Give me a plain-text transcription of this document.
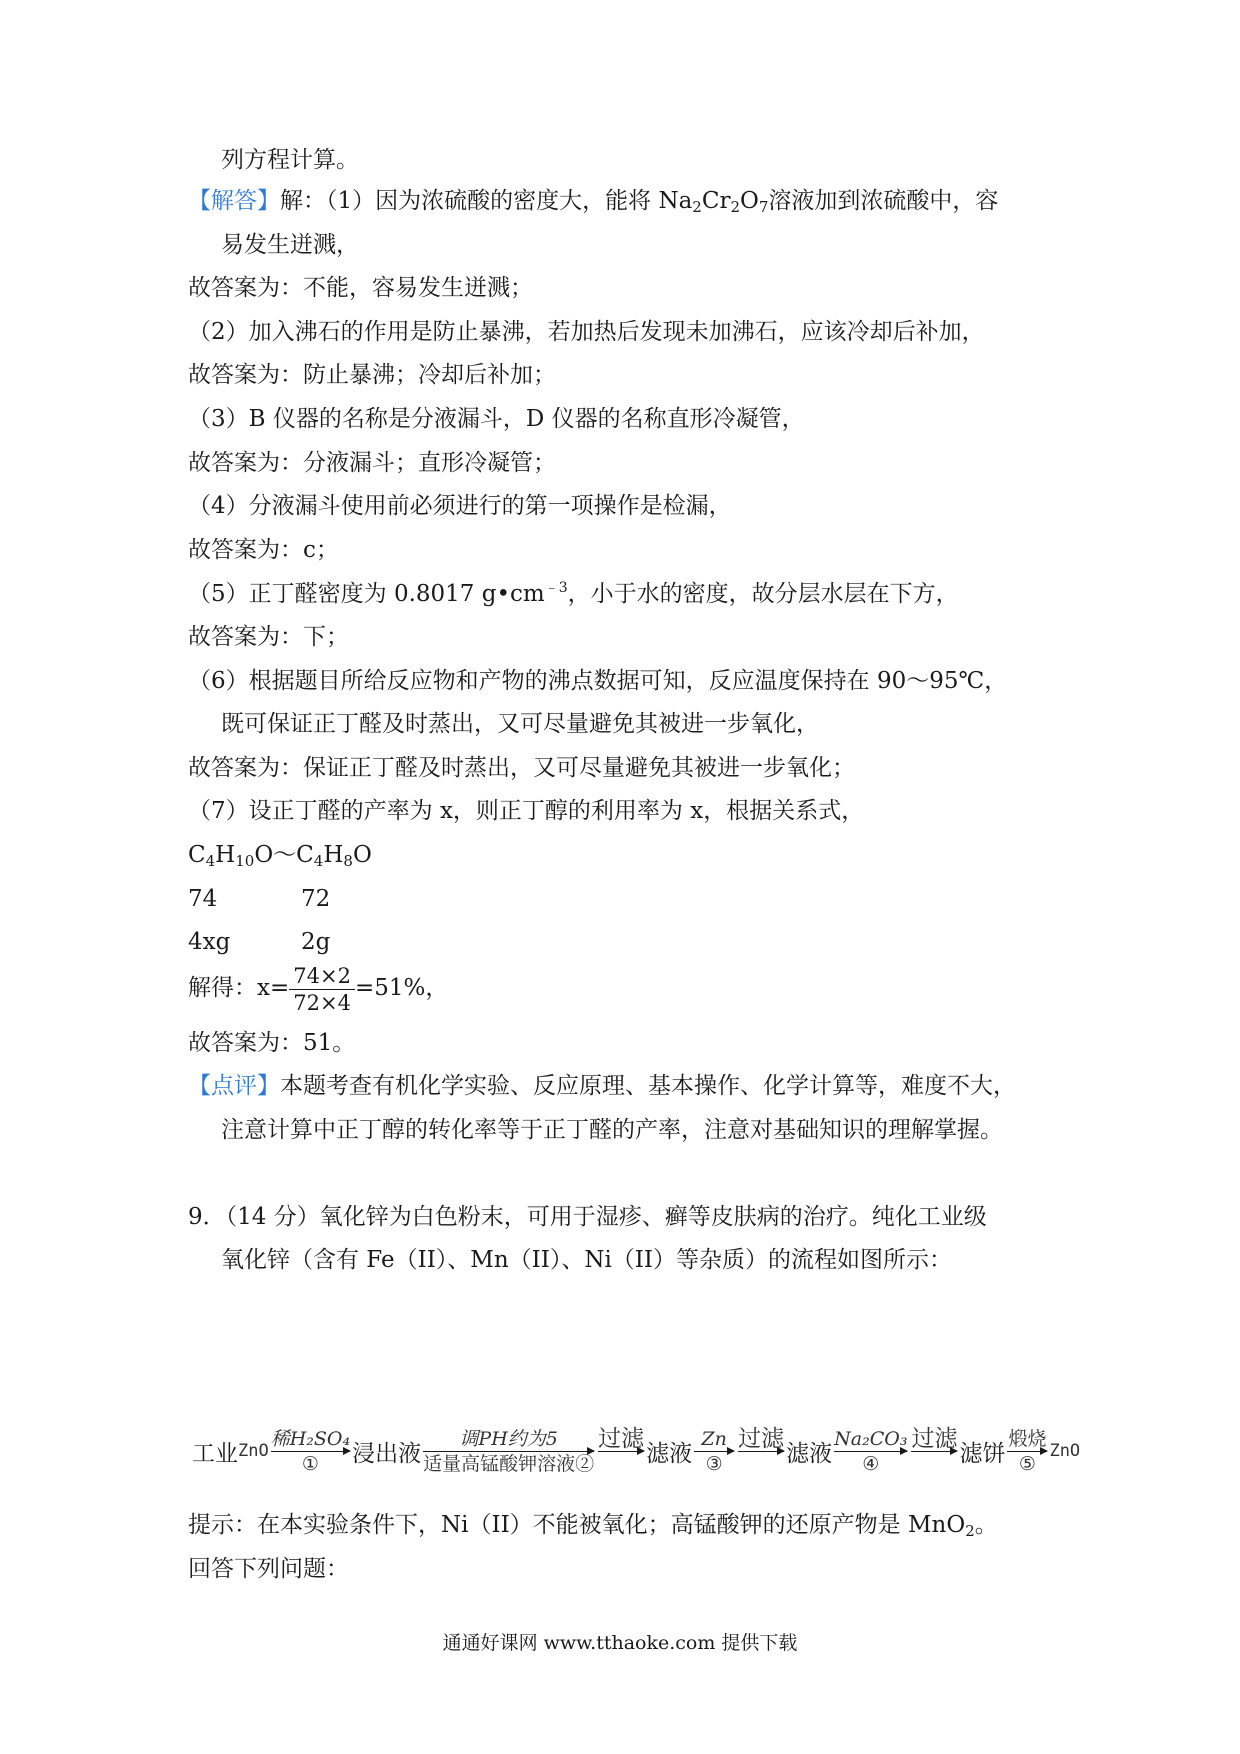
列方程计算。
【解答】解：（1）因为浓硫酸的密度大，能将 $Na_2Cr_2O_7$溶液加到浓硫酸中，容
易发生迸溅，
故答案为：不能，容易发生迸溅；
（2）加入沸石的作用是防止暴沸，若加热后发现未加沸石，应该冷却后补加，
故答案为：防止暴沸；冷却后补加；
（3）B 仪器的名称是分液漏斗，D 仪器的名称直形冷凝管，
故答案为：分液漏斗；直形冷凝管；
（4）分液漏斗使用前必须进行的第一项操作是检漏，
故答案为：c；
（5）正丁醛密度为 0.8017 $g•cm^{﹣3}$，小于水的密度，故分层水层在下方，
故答案为：下；
（6）根据题目所给反应物和产物的沸点数据可知，反应温度保持在 90～95℃，
既可保证正丁醛及时蒸出，又可尽量避免其被进一步氧化，
故答案为：保证正丁醛及时蒸出，又可尽量避免其被进一步氧化；
（7）设正丁醛的产率为 x，则正丁醇的利用率为 x，根据关系式，
$C_4H_{10}O\sim C_4H_8O$
74	72
4xg	2g
解得：$x= \frac{74\times 2}{72\times 4} =51\%$，
故答案为：51。
【点评】本题考查有机化学实验、反应原理、基本操作、化学计算等，难度不大，
注意计算中正丁醇的转化率等于正丁醛的产率，注意对基础知识的理解掌握。
9．（14 分）氧化锌为白色粉末，可用于湿疹、癣等皮肤病的治疗。纯化工业级
氧化锌（含有 Fe（II）、Mn（II）、Ni（II）等杂质）的流程如图所示：
工业 ZnO
稀H₂SO₄
① 浸出液
调PH约为5
适量高锰酸钾溶液②
过滤

滤液
Zn
③
过滤

滤液
Na₂CO₃
④
过滤

滤饼
煅烧
⑤
ZnO
提示：在本实验条件下，Ni（II）不能被氧化；高锰酸钾的还原产物是 MnO$_2$。
回答下列问题：
通通好课网 www.tthaoke.com 提供下载
